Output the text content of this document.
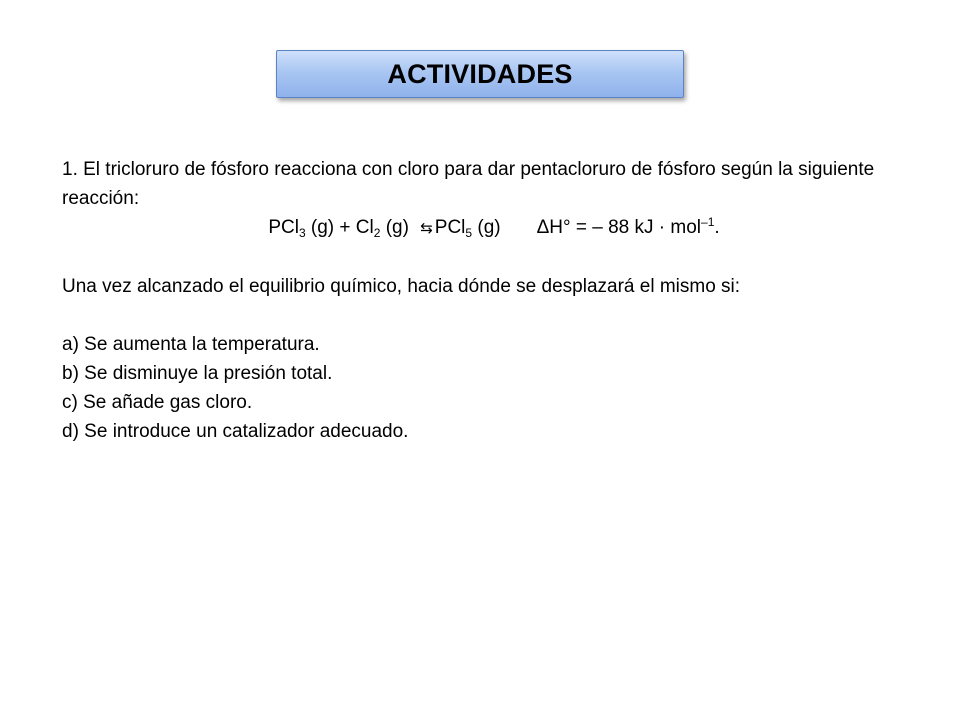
ACTIVIDADES

1. El tricloruro de fósforo reacciona con cloro para dar pentacloruro de fósforo según la siguiente reacción:

PCl$_3$ $(g) + Cl_2$ (g) ⇆ PCl$_5$ (g) ΔH° = – 88 kJ · mol$^{-1}$.

Una vez alcanzado el equilibrio químico, hacia dónde se desplazará el mismo si:

a) Se aumenta la temperatura.

b) Se disminuye la presión total.

c) Se añade gas cloro.

d) Se introduce un catalizador adecuado.
